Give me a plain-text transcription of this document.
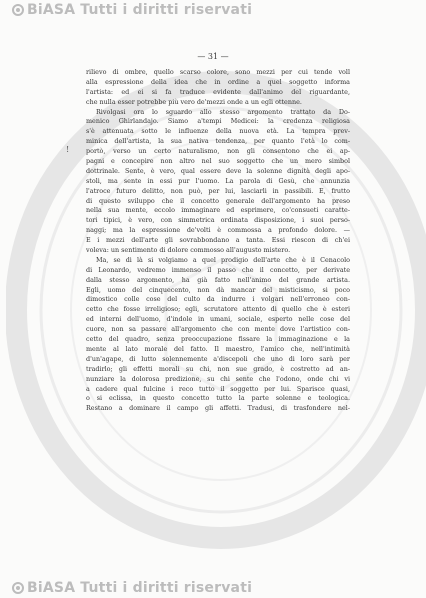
BiASA Tutti i diritti riservati
— 31 —
!
rilievo di ombre, quello scarso colore, sono mezzi per cui tende voll
alla espressione della idea che in ordine a quel soggetto informa
l'artista: ed ei si fa traduce evidente dall'animo del riguardante,
che nulla esser potrebbe più vero de'mezzi onde a un egli ottenne.
Rivolgasi ora lo sguardo allo stesso argomento trattato da Do-
menico Ghirlandajo. Siamo a'tempi Medicei: la credenza religiosa
s'è attenuata sotto le influenze della nuova età. La tempra prev-
minica dell'artista, la sua nativa tendenza, per quanto l'età lo com-
portò, verso un certo naturalismo, non gli consentono che ei ap-
pagni e concepire non altro nel suo soggetto che un mero simbol
dottrinale. Sente, è vero, qual essere deve la solenne dignità degli apo-
stoli, ma sente in essi pur l'uomo. La parola di Gesù, che annunzia
l'atroce futuro delitto, non può, per lui, lasciarli in passibili. E, frutto
di questo sviluppo che il concetto generale dell'argomento ha preso
nella sua mente, eccolo immaginare ed esprimere, co'consueti caratte-
tori tipici, è vero, con simmetrica ordinata disposizione, i suoi perso-
naggi; ma la espressione de'volti è commossa a profondo dolore. —
E i mezzi dell'arte gli sovrabbondano a tanta. Essi riescon di ch'ei
voleva: un sentimento di dolore commosso all'augusto mistero.
Ma, se di là si volgiamo a quel prodigio dell'arte che è il Cenacolo
di Leonardo, vedremo immenso il passo che il concetto, per derivate
dalla stesso argomento, ha già fatto nell'animo del grande artista.
Egli, uomo del cinquecento, non dà mancar del misticismo, si poco
dimostico colle cose del culto da indurre i volgari nell'erroneo con-
cetto che fosse irreligioso; egli, scrutatore attento di quello che è esteri
ed interni dell'uomo, d'indole in umani, sociale, esperto nelle cose del
cuore, non sa passare all'argomento che con mente dove l'artistico con-
cetto del quadro, senza preoccupazione fissare la immaginazione e la
mente al lato morale del fatto. Il maestro, l'amico che, nell'intimità
d'un'agape, di lutto solennemente a'discepoli che uno di loro sarà per
tradirlo; gli effetti morali su chi, non sue grado, è costretto ad an-
nunziare la dolorosa predizione, su chi sente che l'odono, onde chi vi
a cadere qual fulcine i reco tutto il soggetto per lui. Sparisce quasi,
o si eclissa, in questo concetto tutto la parte solenne e teologica.
Restano a dominare il campo gli affetti. Tradusi, di trasfondere nel-
BiASA Tutti i diritti riservati
